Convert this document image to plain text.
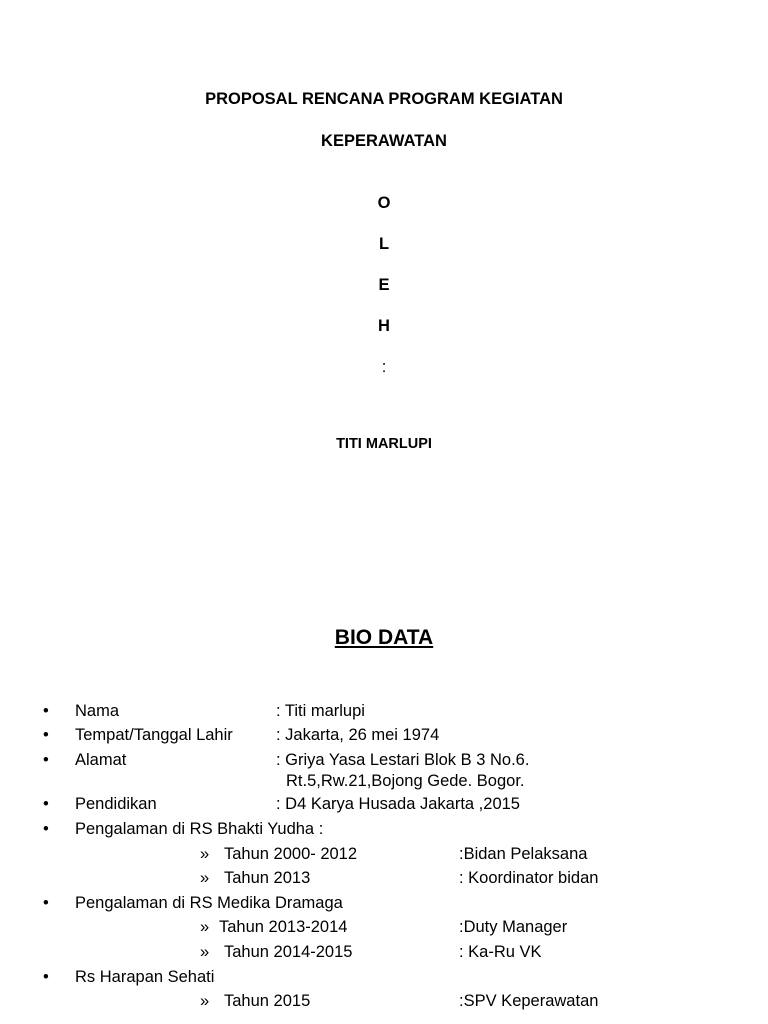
PROPOSAL RENCANA PROGRAM KEGIATAN
KEPERAWATAN
O
L
E
H
:
TITI MARLUPI
BIO DATA
• Nama	: Titi marlupi
• Tempat/Tanggal Lahir	: Jakarta, 26 mei 1974
• Alamat	: Griya Yasa Lestari Blok B 3 No.6.
Rt.5,Rw.21,Bojong Gede. Bogor.
• Pendidikan	: D4 Karya Husada Jakarta ,2015
• Pengalaman di RS Bhakti Yudha :
» Tahun 2000- 2012	:Bidan Pelaksana
» Tahun 2013	: Koordinator bidan
• Pengalaman di RS Medika Dramaga
» Tahun 2013-2014	:Duty Manager
» Tahun 2014-2015	: Ka-Ru VK
• Rs Harapan Sehati
» Tahun 2015	:SPV Keperawatan
